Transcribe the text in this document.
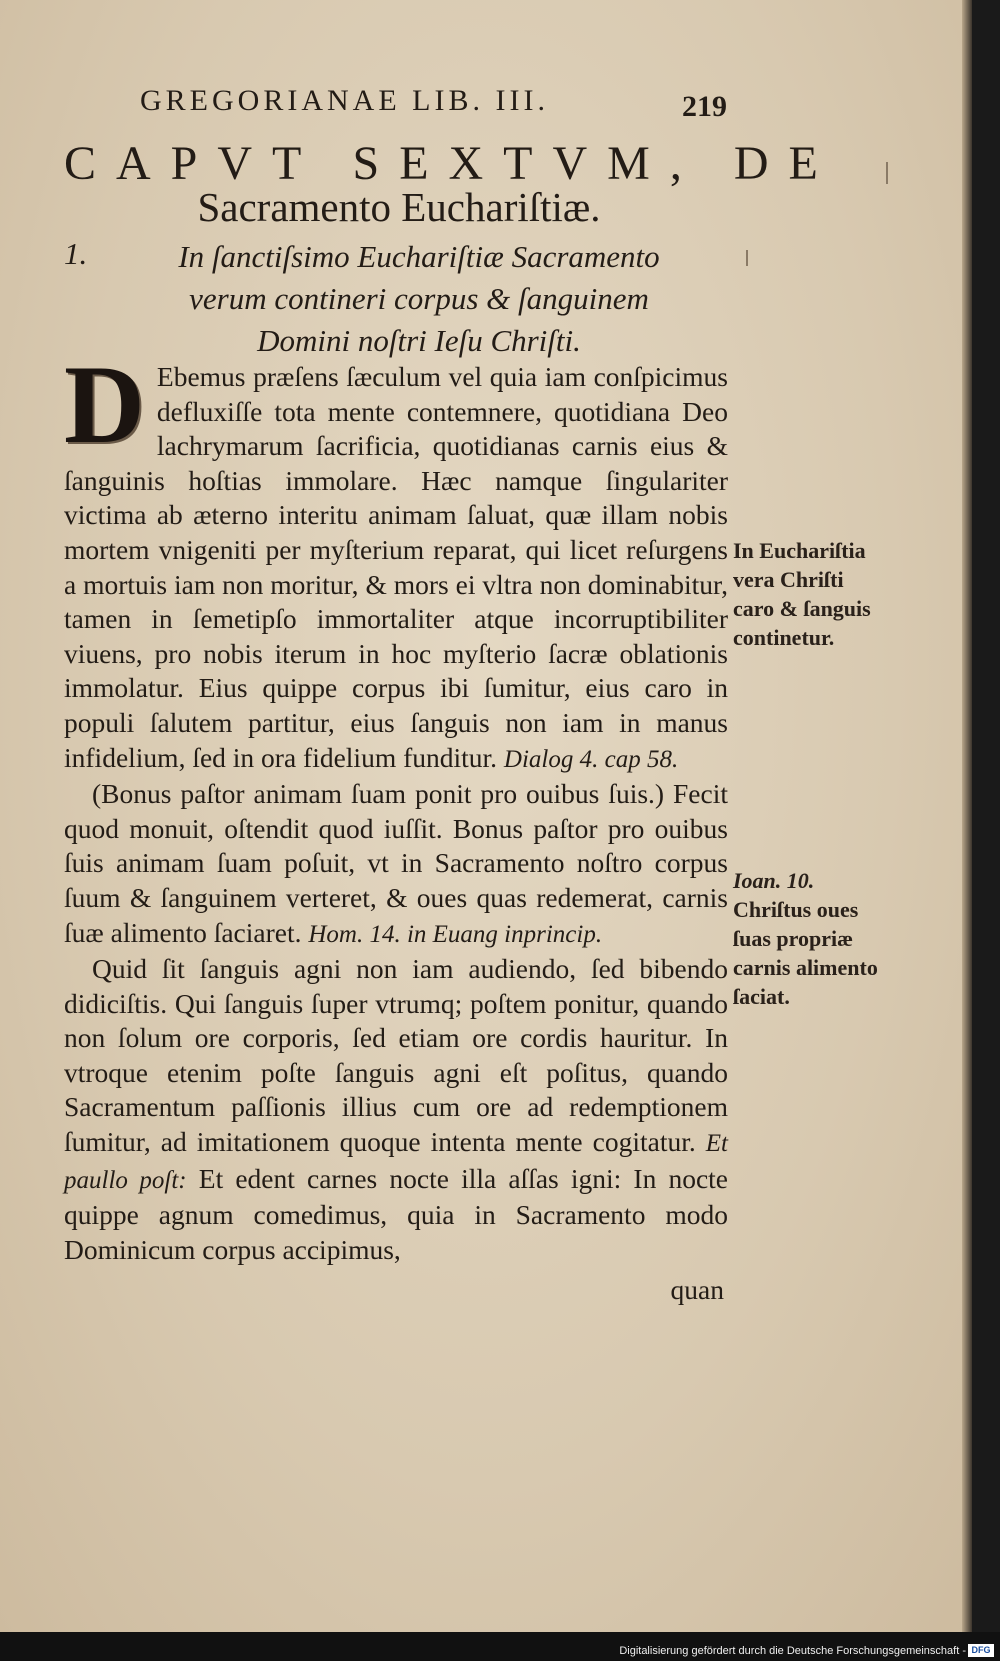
GREGORIANAE LIB. III.	219
CAPVT SEXTVM, DE
Sacramento Euchariſtiæ.
1.	In ſanctiſsimo Euchariſtiæ Sacramento verum contineri corpus & ſanguinem Domini noſtri Ieſu Chriſti.

D Ebemus præſens ſæculum vel quia iam conſpicimus defluxiſſe tota mente contemnere, quotidiana Deo lachrymarum ſacrificia, quotidianas carnis eius & ſanguinis hoſtias immolare. Hæc namque ſingulariter victima ab æterno interitu animam ſaluat, quæ illam nobis mortem vnigeniti per myſterium reparat, qui licet reſurgens a mortuis iam non moritur, & mors ei vltra non dominabitur, tamen in ſemetipſo immortaliter atque incorruptibiliter viuens, pro nobis iterum in hoc myſterio ſacræ oblationis immolatur. Eius quippe corpus ibi ſumitur, eius caro in populi ſalutem partitur, eius ſanguis non iam in manus infidelium, ſed in ora fidelium funditur. Dialog 4. cap 58.

(Bonus paſtor animam ſuam ponit pro ouibus ſuis.) Fecit quod monuit, oſtendit quod iuſſit. Bonus paſtor pro ouibus ſuis animam ſuam poſuit, vt in Sacramento noſtro corpus ſuum & ſanguinem verteret, & oues quas redemerat, carnis ſuæ alimento ſaciaret. Hom. 14. in Euang inprincip.

Quid ſit ſanguis agni non iam audiendo, ſed bibendo didiciſtis. Qui ſanguis ſuper vtrumq; poſtem ponitur, quando non ſolum ore corporis, ſed etiam ore cordis hauritur. In vtroque etenim poſte ſanguis agni eſt poſitus, quando Sacramentum paſſionis illius cum ore ad redemptionem ſumitur, ad imitationem quoque intenta mente cogitatur. Et paullo poſt: Et edent carnes nocte illa aſſas igni: In nocte quippe agnum comedimus, quia in Sacramento modo Dominicum corpus accipimus,

quan

In Euchariſtia vera Chriſti caro & ſanguis continetur.
Ioan. 10.
Chriſtus oues ſuas propriæ carnis alimento ſaciat.
Digitalisierung gefördert durch die Deutsche Forschungsgemeinschaft - DFG
